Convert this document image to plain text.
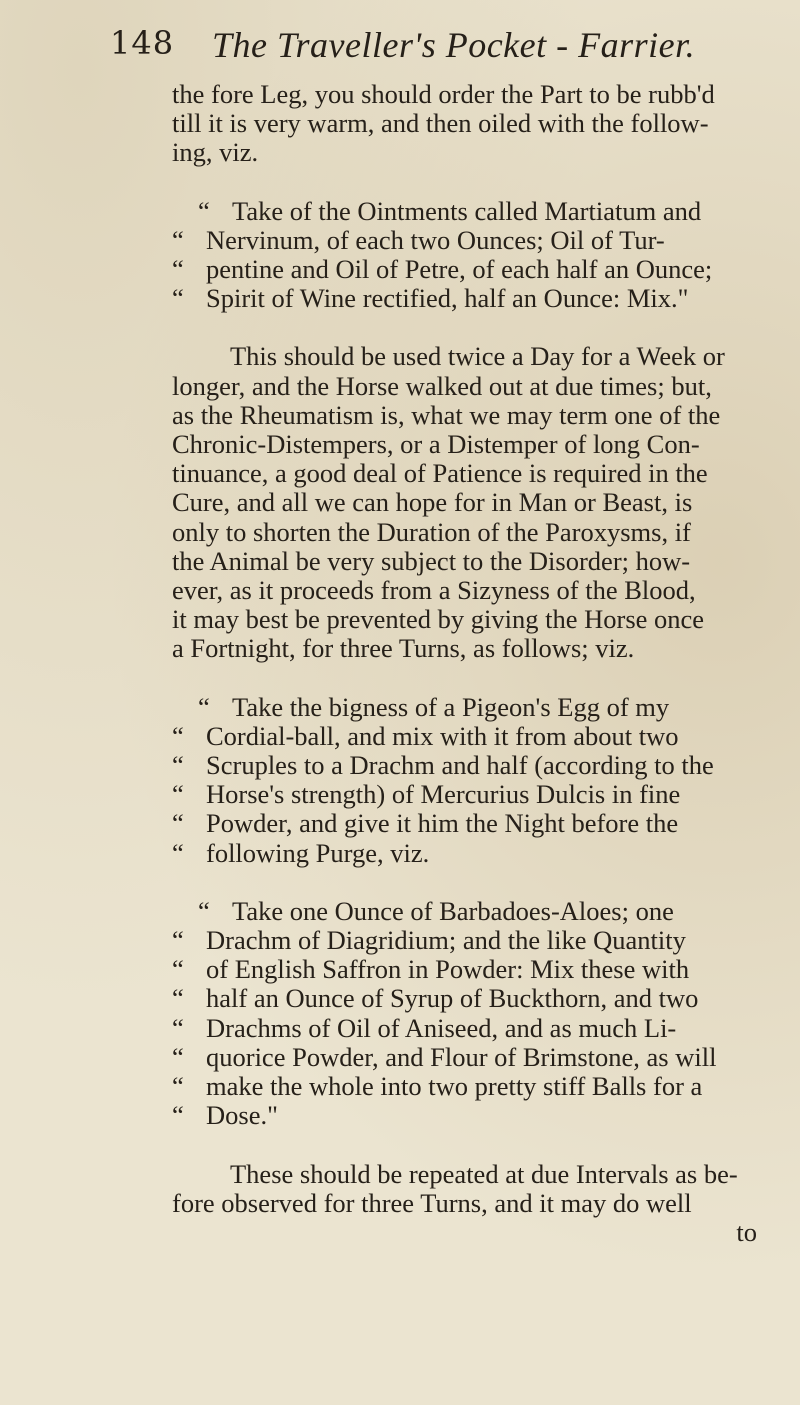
148 The Traveller's Pocket - Farrier.
the fore Leg, you should order the Part to be rubb'd
till it is very warm, and then oiled with the follow-
ing, viz.
“ Take of the Ointments called Martiatum and
“ Nervinum, of each two Ounces; Oil of Tur-
“ pentine and Oil of Petre, of each half an Ounce;
“ Spirit of Wine rectified, half an Ounce: Mix."
This should be used twice a Day for a Week or
longer, and the Horse walked out at due times; but,
as the Rheumatism is, what we may term one of the
Chronic-Distempers, or a Distemper of long Con-
tinuance, a good deal of Patience is required in the
Cure, and all we can hope for in Man or Beast, is
only to shorten the Duration of the Paroxysms, if
the Animal be very subject to the Disorder; how-
ever, as it proceeds from a Sizyness of the Blood,
it may best be prevented by giving the Horse once
a Fortnight, for three Turns, as follows; viz.
“ Take the bigness of a Pigeon's Egg of my
“ Cordial-ball, and mix with it from about two
“ Scruples to a Drachm and half (according to the
“ Horse's strength) of Mercurius Dulcis in fine
“ Powder, and give it him the Night before the
“ following Purge, viz.
“ Take one Ounce of Barbadoes-Aloes; one
“ Drachm of Diagridium; and the like Quantity
“ of English Saffron in Powder: Mix these with
“ half an Ounce of Syrup of Buckthorn, and two
“ Drachms of Oil of Aniseed, and as much Li-
“ quorice Powder, and Flour of Brimstone, as will
“ make the whole into two pretty stiff Balls for a
“ Dose."
These should be repeated at due Intervals as be-
fore observed for three Turns, and it may do well
to
